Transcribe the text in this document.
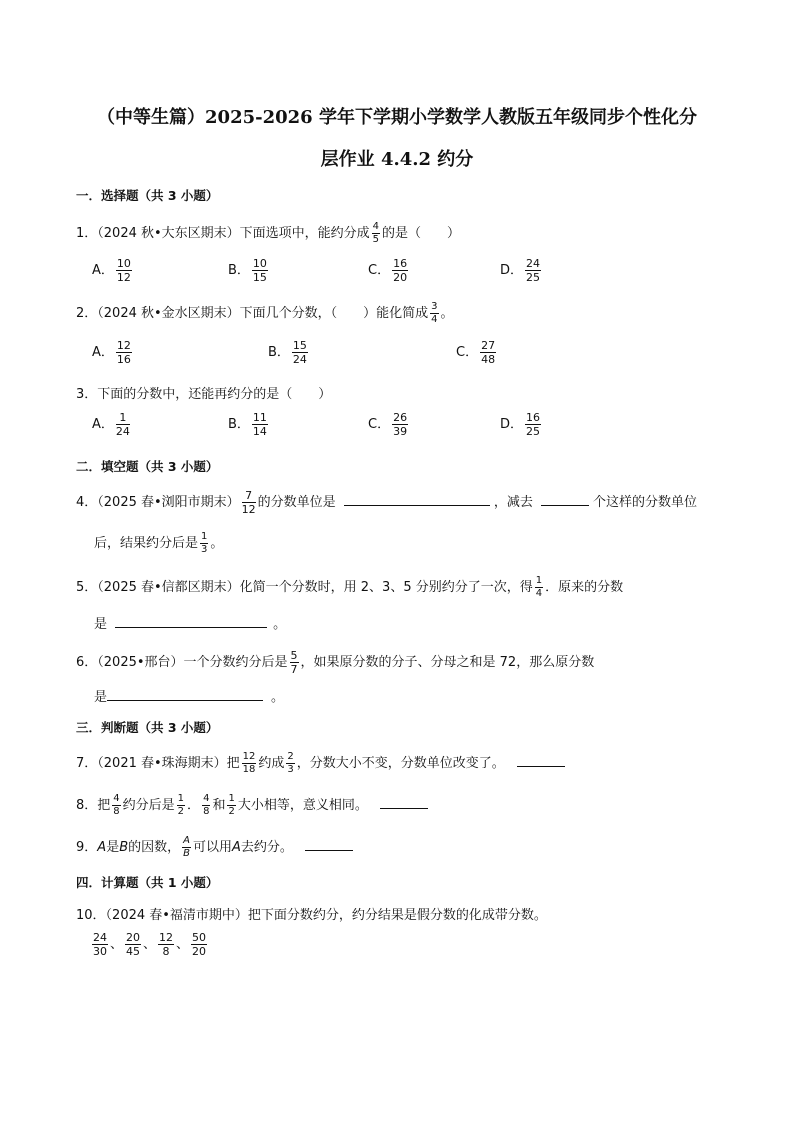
（中等生篇）2025-2026 学年下学期小学数学人教版五年级同步个性化分
层作业 4.4.2 约分
一．选择题（共 3 小题）
1．（2024 秋•大东区期末）下面选项中，能约分成 $\frac{4}{5}$ 的是（　　）
A． $\frac{10}{12}$	B． $\frac{10}{15}$	C． $\frac{16}{20}$	D． $\frac{24}{25}$
2．（2024 秋•金水区期末）下面几个分数，（　　）能化简成 $\frac{3}{4}$ 。
A． $\frac{12}{16}$	B． $\frac{15}{24}$	C． $\frac{27}{48}$
3．下面的分数中，还能再约分的是（　　）
A． $\frac{1}{24}$	B． $\frac{11}{14}$	C． $\frac{26}{39}$	D． $\frac{16}{25}$
二．填空题（共 3 小题）
4．（2025 春•浏阳市期末） $\frac{7}{12}$ 的分数单位是	，减去	个这样的分数单位
后，结果约分后是 $\frac{1}{3}$ 。
5．（2025 春•信都区期末）化简一个分数时，用 2、3、5 分别约分了一次，得 $\frac{1}{4}$ ．原来的分数
是	。
6．（2025•邢台）一个分数约分后是 $\frac{5}{7}$ ，如果原分数的分子、分母之和是 72，那么原分数
是	。
三．判断题（共 3 小题）
7．（2021 春•珠海期末）把 $\frac{12}{18}$ 约成 $\frac{2}{3}$ ，分数大小不变，分数单位改变了。
8．把 $\frac{4}{8}$ 约分后是 $\frac{1}{2}$ ． $\frac{4}{8}$ 和 $\frac{1}{2}$ 大小相等，意义相同。
9．A是B的因数， $\frac{A}{B}$ 可以用A去约分。
四．计算题（共 1 小题）
10．（2024 春•福清市期中）把下面分数约分，约分结果是假分数的化成带分数。
$\frac{24}{30}$ 、 $\frac{20}{45}$ 、 $\frac{12}{8}$ 、 $\frac{50}{20}$
